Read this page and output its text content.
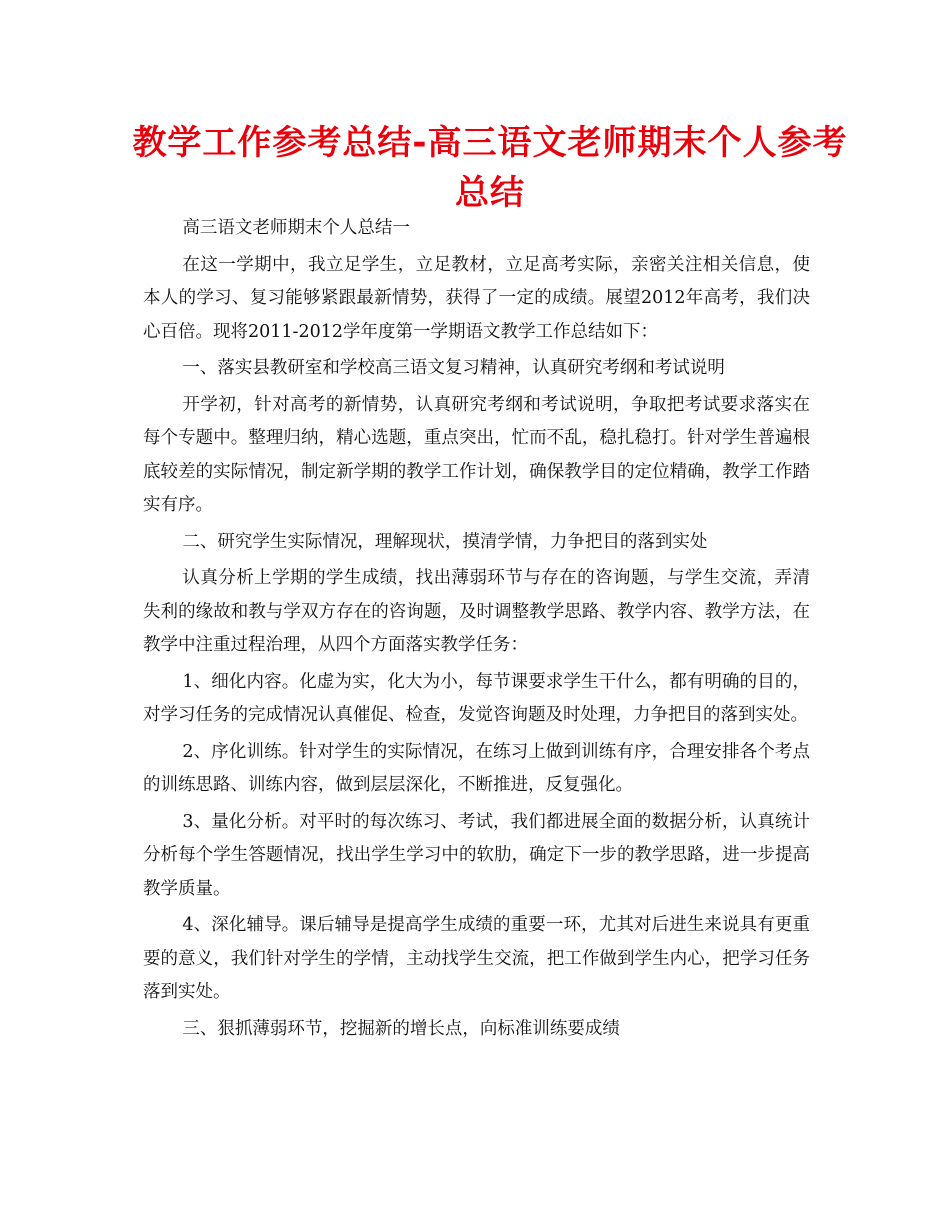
教学工作参考总结-高三语文老师期末个人参考总结

高三语文老师期末个人总结一

在这一学期中，我立足学生，立足教材，立足高考实际，亲密关注相关信息，使本人的学习、复习能够紧跟最新情势，获得了一定的成绩。展望2012年高考，我们决心百倍。现将2011-2012学年度第一学期语文教学工作总结如下：

一、落实县教研室和学校高三语文复习精神，认真研究考纲和考试说明

开学初，针对高考的新情势，认真研究考纲和考试说明，争取把考试要求落实在每个专题中。整理归纳，精心选题，重点突出，忙而不乱，稳扎稳打。针对学生普遍根底较差的实际情况，制定新学期的教学工作计划，确保教学目的定位精确，教学工作踏实有序。

二、研究学生实际情况，理解现状，摸清学情，力争把目的落到实处

认真分析上学期的学生成绩，找出薄弱环节与存在的咨询题，与学生交流，弄清失利的缘故和教与学双方存在的咨询题，及时调整教学思路、教学内容、教学方法，在教学中注重过程治理，从四个方面落实教学任务：

1、细化内容。化虚为实，化大为小，每节课要求学生干什么，都有明确的目的，对学习任务的完成情况认真催促、检查，发觉咨询题及时处理，力争把目的落到实处。

2、序化训练。针对学生的实际情况，在练习上做到训练有序，合理安排各个考点的训练思路、训练内容，做到层层深化，不断推进，反复强化。

3、量化分析。对平时的每次练习、考试，我们都进展全面的数据分析，认真统计分析每个学生答题情况，找出学生学习中的软肋，确定下一步的教学思路，进一步提高教学质量。

4、深化辅导。课后辅导是提高学生成绩的重要一环，尤其对后进生来说具有更重要的意义，我们针对学生的学情，主动找学生交流，把工作做到学生内心，把学习任务落到实处。

三、狠抓薄弱环节，挖掘新的增长点，向标准训练要成绩
